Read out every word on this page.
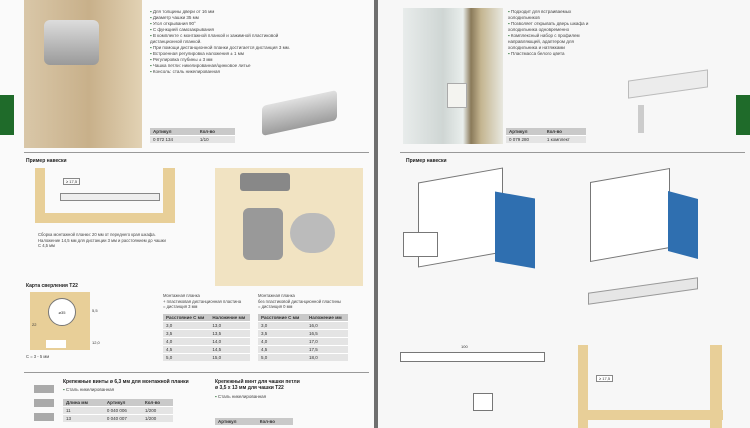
▪ Для толщины двери от 16 мм
▪ Диаметр чашки 35 мм
▪ Угол открывания 90°
▪ С функцией самозакрывания
▪ В комплекте с монтажной планкой и зажимной пластиковой дистанционной планкой.
▪ При помощи дистанционной планки достигается дистанция 3 мм.
▪ Встроенная регулировка наложения ± 1 мм
▪ Регулировка глубины ± 3 мм
▪ Чашка петли: никелированная/цинковое литье
▪ Консоль: сталь никелированная
Артикул	Кол-во
0 072 134	1/10
Пример навески
≥ 17,5
Сборка монтажной планки: 20 мм от переднего края шкафа.
Наложение 14,5 мм для дистанции 3 мм и расстоянием до чашки
С 4,5 мм
Карта сверления T22
ø35	5,5
22
12,0
C = 3 - 5 мм
Монтажная планка
+ пластиковая дистанционная пластина
= дистанция 3 мм
Расстояние C мм	Наложение мм
3,0	13,0
3,5	13,5
4,0	14,0
4,5	14,5
5,0	15,0
Монтажная планка
без пластиковой дистанционной пластины
= дистанция 0 мм
Расстояние C мм	Наложение мм
3,0	16,0
3,5	16,5
4,0	17,0
4,5	17,5
5,0	18,0
Крепежные винты ø 6,3 мм для монтажной планки
▪ Сталь никелированная
Длина мм	Артикул	Кол-во
11	0 040 006	1/200
13	0 040 007	1/200
Крепежный винт для чашки петли
ø 3,5 x 13 мм для чашки T22
▪ Сталь никелированная
Артикул	Кол-во
▪ Подходит для встраиваемых холодильников
▪ Позволяет открывать дверь шкафа и холодильника одновременно
▪ Комплексный набор с профилем направляющей, адаптером для холодильника и натяжками
▪ Пластмасса белого цвета
Артикул	Кол-во
0 079 280	1 комплект
Пример навески
100
≥ 17,5
